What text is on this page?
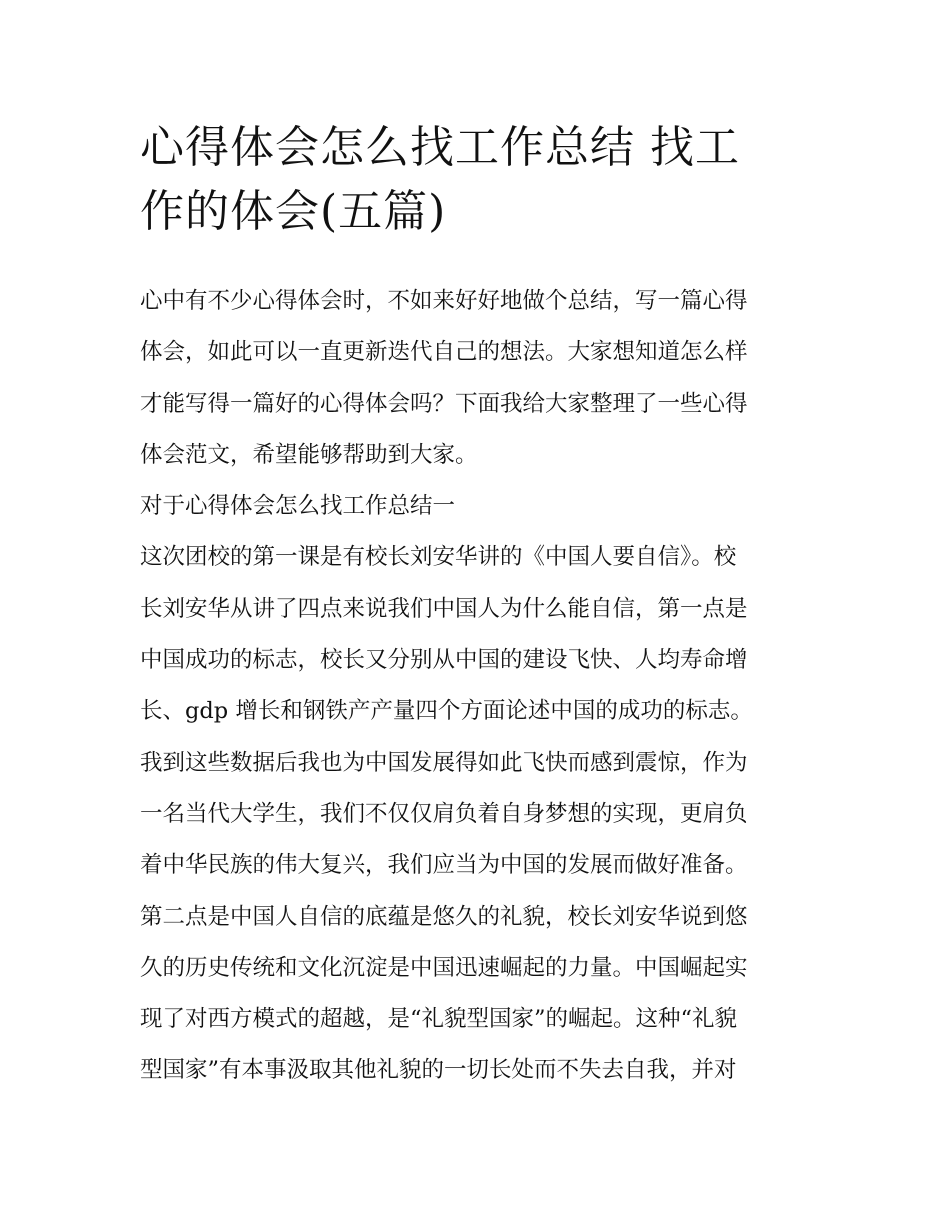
心得体会怎么找工作总结 找工
作的体会(五篇)
心中有不少心得体会时，不如来好好地做个总结，写一篇心得
体会，如此可以一直更新迭代自己的想法。大家想知道怎么样
才能写得一篇好的心得体会吗？下面我给大家整理了一些心得
体会范文，希望能够帮助到大家。
对于心得体会怎么找工作总结一
这次团校的第一课是有校长刘安华讲的《中国人要自信》。校
长刘安华从讲了四点来说我们中国人为什么能自信，第一点是
中国成功的标志，校长又分别从中国的建设飞快、人均寿命增
长、gdp 增长和钢铁产产量四个方面论述中国的成功的标志。
我到这些数据后我也为中国发展得如此飞快而感到震惊，作为
一名当代大学生，我们不仅仅肩负着自身梦想的实现，更肩负
着中华民族的伟大复兴，我们应当为中国的发展而做好准备。
第二点是中国人自信的底蕴是悠久的礼貌，校长刘安华说到悠
久的历史传统和文化沉淀是中国迅速崛起的力量。中国崛起实
现了对西方模式的超越，是“礼貌型国家”的崛起。这种“礼貌
型国家”有本事汲取其他礼貌的一切长处而不失去自我，并对
